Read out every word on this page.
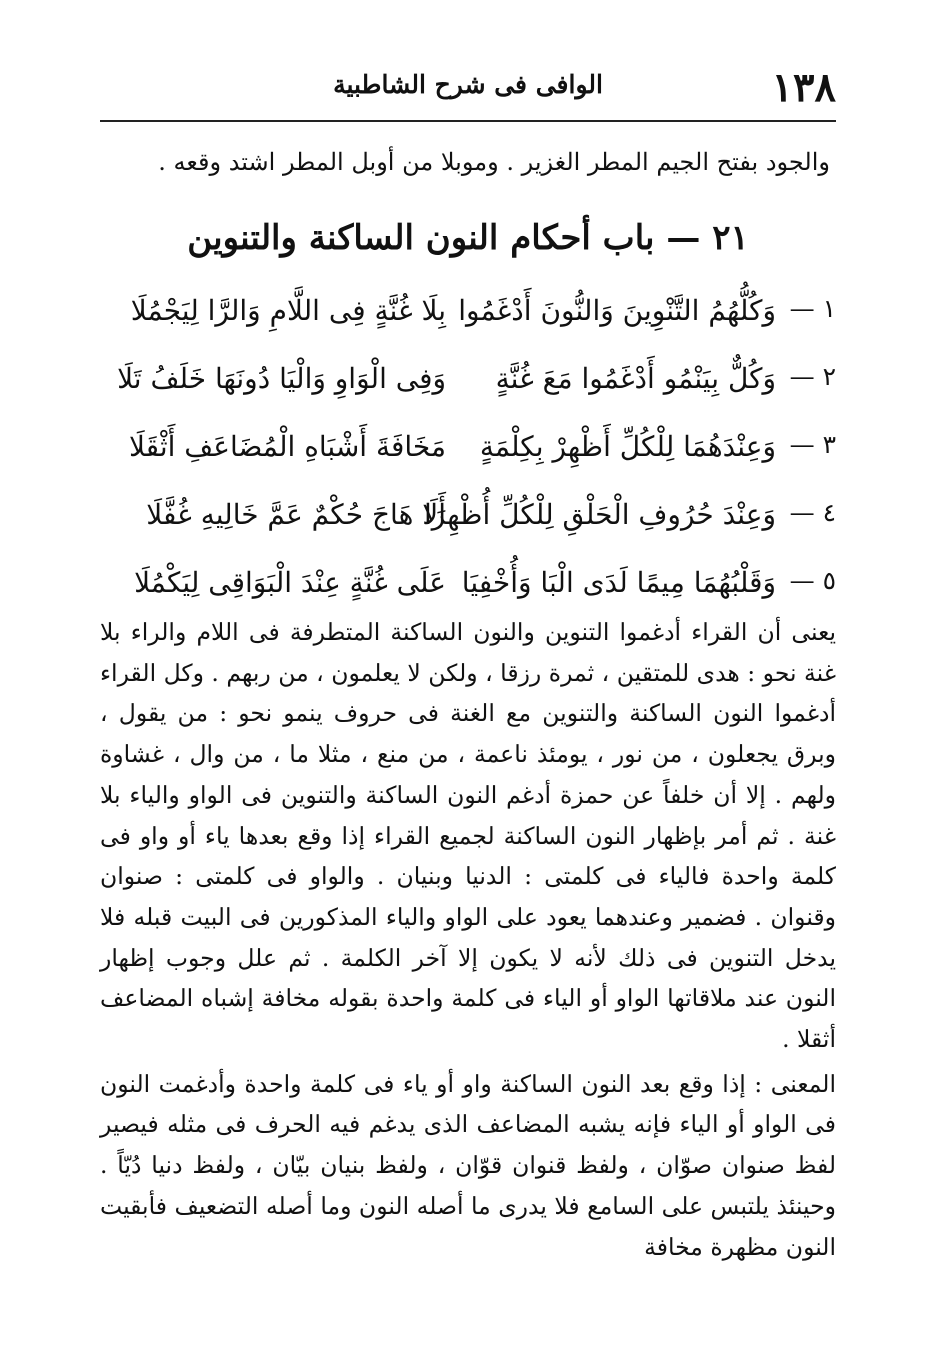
١٣٨
الوافى فى شرح الشاطبية
والجود بفتح الجيم المطر الغزير . وموبلا من أوبل المطر اشتد وقعه .
٢١ — باب أحكام النون الساكنة والتنوين
١ —
وَكُلُّهُمُ التَّنْوِينَ وَالنُّونَ أَدْغَمُوا
بِلَا غُنَّةٍ فِى اللَّامِ وَالرَّا لِيَجْمُلَا
٢ —
وَكُلٌّ بِيَنْمُو أَدْغَمُوا مَعَ غُنَّةٍ
وَفِى الْوَاوِ وَالْيَا دُونَهَا خَلَفُ تَلَا
٣ —
وَعِنْدَهُمَا لِلْكُلِّ أَظْهِرْ بِكِلْمَةٍ
مَخَافَةَ أَشْبَاهِ الْمُضَاعَفِ أَثْقَلَا
٤ —
وَعِنْدَ حُرُوفِ الْحَلْقِ لِلْكُلِّ أُظْهِرَا
أَلَا هَاجَ حُكْمٌ عَمَّ خَالِيهِ غُفَّلَا
٥ —
وَقَلْبُهُمَا مِيمًا لَدَى الْبَا وَأُخْفِيَا
عَلَى غُنَّةٍ عِنْدَ الْبَوَاقِى لِيَكْمُلَا

يعنى أن القراء أدغموا التنوين والنون الساكنة المتطرفة فى اللام والراء بلا غنة نحو : هدى للمتقين ، ثمرة رزقا ، ولكن لا يعلمون ، من ربهم . وكل القراء أدغموا النون الساكنة والتنوين مع الغنة فى حروف ينمو نحو : من يقول ، وبرق يجعلون ، من نور ، يومئذ ناعمة ، من منع ، مثلا ما ، من وال ، غشاوة ولهم . إلا أن خلفاً عن حمزة أدغم النون الساكنة والتنوين فى الواو والياء بلا غنة . ثم أمر بإظهار النون الساكنة لجميع القراء إذا وقع بعدها ياء أو واو فى كلمة واحدة فالياء فى كلمتى : الدنيا وبنيان . والواو فى كلمتى : صنوان وقنوان . فضمير وعندهما يعود على الواو والياء المذكورين فى البيت قبله فلا يدخل التنوين فى ذلك لأنه لا يكون إلا آخر الكلمة . ثم علل وجوب إظهار النون عند ملاقاتها الواو أو الياء فى كلمة واحدة بقوله مخافة إشباه المضاعف أثقلا .

المعنى : إذا وقع بعد النون الساكنة واو أو ياء فى كلمة واحدة وأدغمت النون فى الواو أو الياء فإنه يشبه المضاعف الذى يدغم فيه الحرف فى مثله فيصير لفظ صنوان صوّان ، ولفظ قنوان قوّان ، ولفظ بنيان بيّان ، ولفظ دنيا دُيّاً . وحينئذ يلتبس على السامع فلا يدرى ما أصله النون وما أصله التضعيف فأبقيت النون مظهرة مخافة
